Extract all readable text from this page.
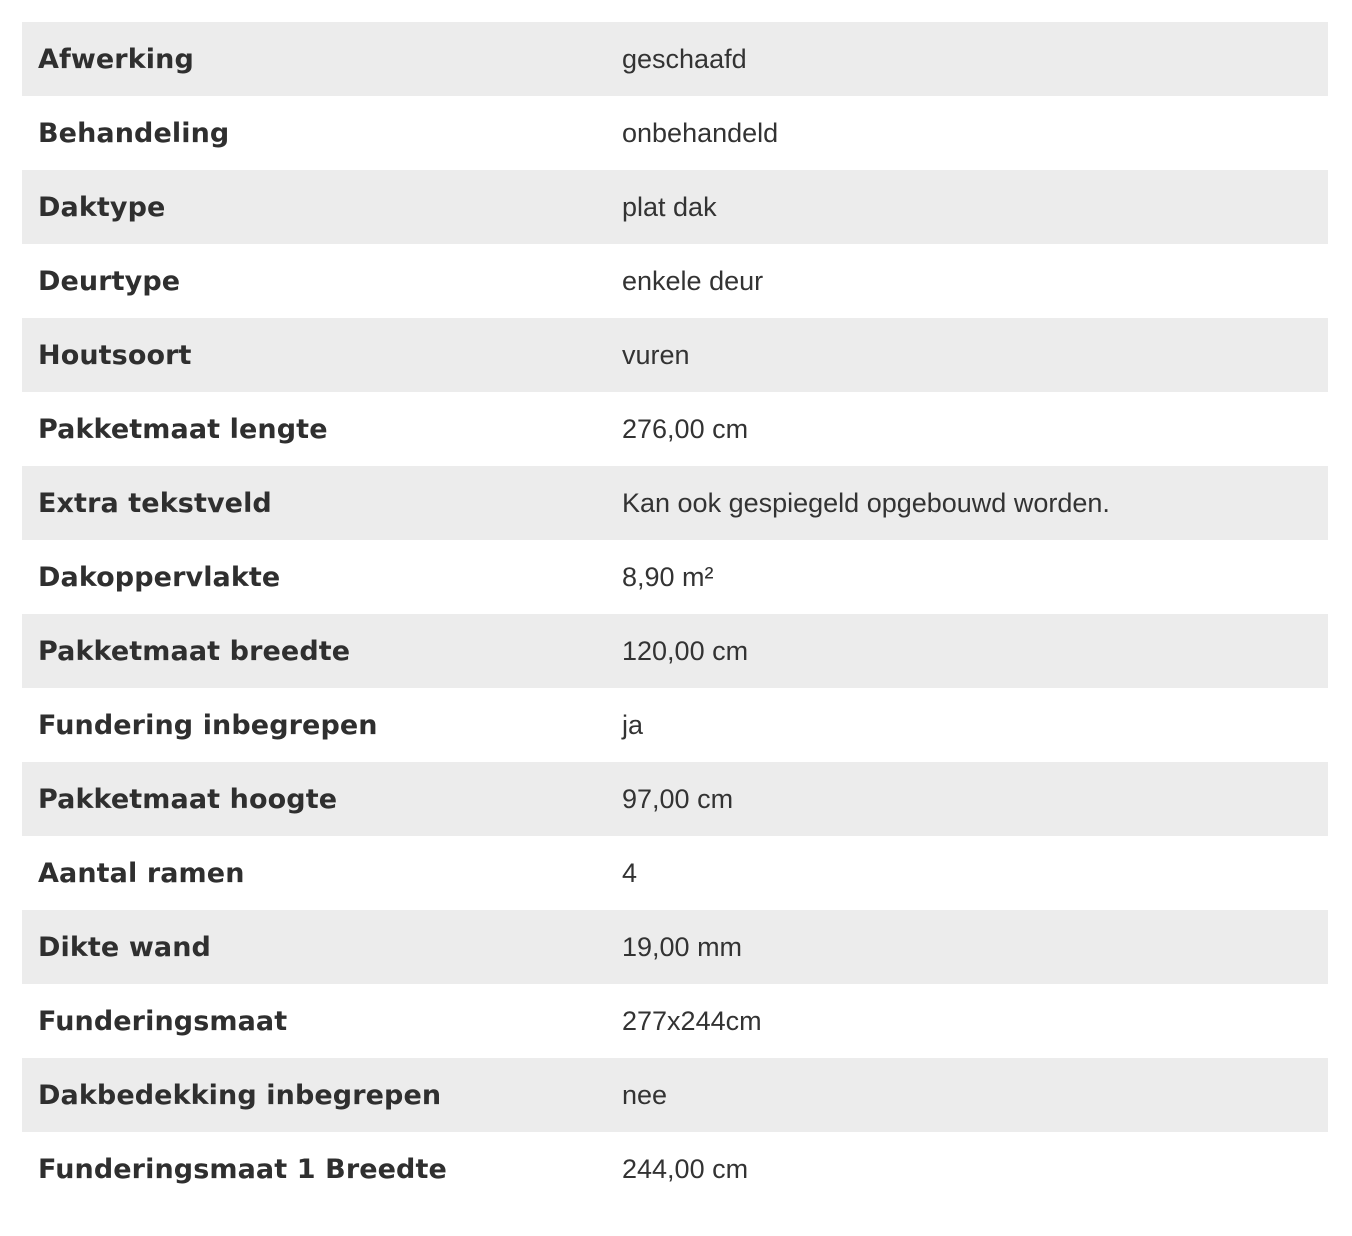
Afwerking	geschaafd
Behandeling	onbehandeld
Daktype	plat dak
Deurtype	enkele deur
Houtsoort	vuren
Pakketmaat lengte	276,00 cm
Extra tekstveld	Kan ook gespiegeld opgebouwd worden.
Dakoppervlakte	8,90 m²
Pakketmaat breedte	120,00 cm
Fundering inbegrepen	ja
Pakketmaat hoogte	97,00 cm
Aantal ramen	4
Dikte wand	19,00 mm
Funderingsmaat	277x244cm
Dakbedekking inbegrepen	nee
Funderingsmaat 1 Breedte	244,00 cm
